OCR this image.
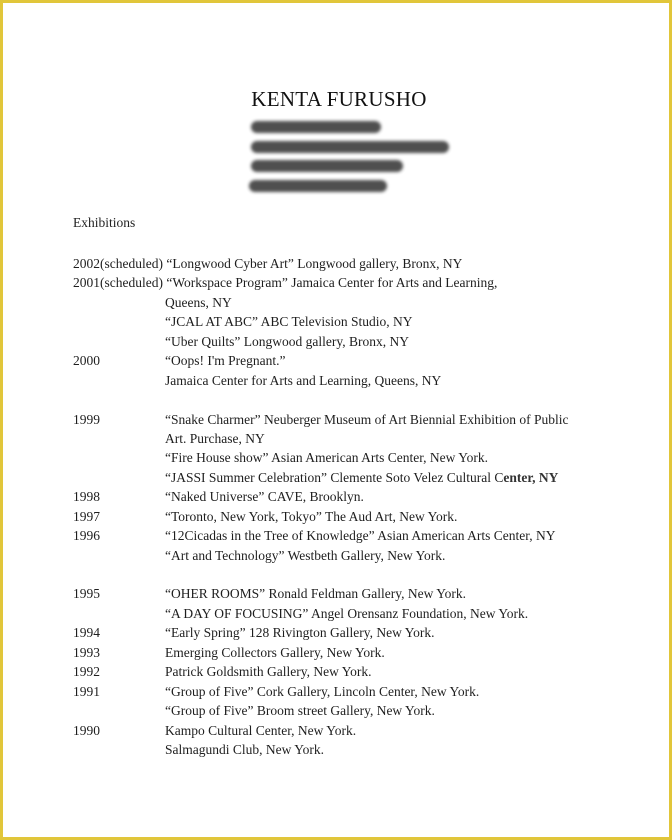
KENTA FURUSHO
Exhibitions
2002(scheduled) “Longwood Cyber Art” Longwood gallery, Bronx, NY
2001(scheduled) “Workspace Program” Jamaica Center for Arts and Learning,
Queens, NY
“JCAL AT ABC” ABC Television Studio, NY
“Uber Quilts” Longwood gallery, Bronx, NY
2000	“Oops! I'm Pregnant.”
Jamaica Center for Arts and Learning, Queens, NY
1999	“Snake Charmer” Neuberger Museum of Art Biennial Exhibition of Public
Art. Purchase, NY
“Fire House show” Asian American Arts Center, New York.
“JASSI Summer Celebration” Clemente Soto Velez Cultural Center, NY
1998	“Naked Universe” CAVE, Brooklyn.
1997	“Toronto, New York, Tokyo” The Aud Art, New York.
1996	“12Cicadas in the Tree of Knowledge” Asian American Arts Center, NY
“Art and Technology” Westbeth Gallery, New York.
1995	“OHER ROOMS” Ronald Feldman Gallery, New York.
“A DAY OF FOCUSING” Angel Orensanz Foundation, New York.
1994	“Early Spring” 128 Rivington Gallery, New York.
1993	Emerging Collectors Gallery, New York.
1992	Patrick Goldsmith Gallery, New York.
1991	“Group of Five” Cork Gallery, Lincoln Center, New York.
“Group of Five” Broom street Gallery, New York.
1990	Kampo Cultural Center, New York.
Salmagundi Club, New York.
